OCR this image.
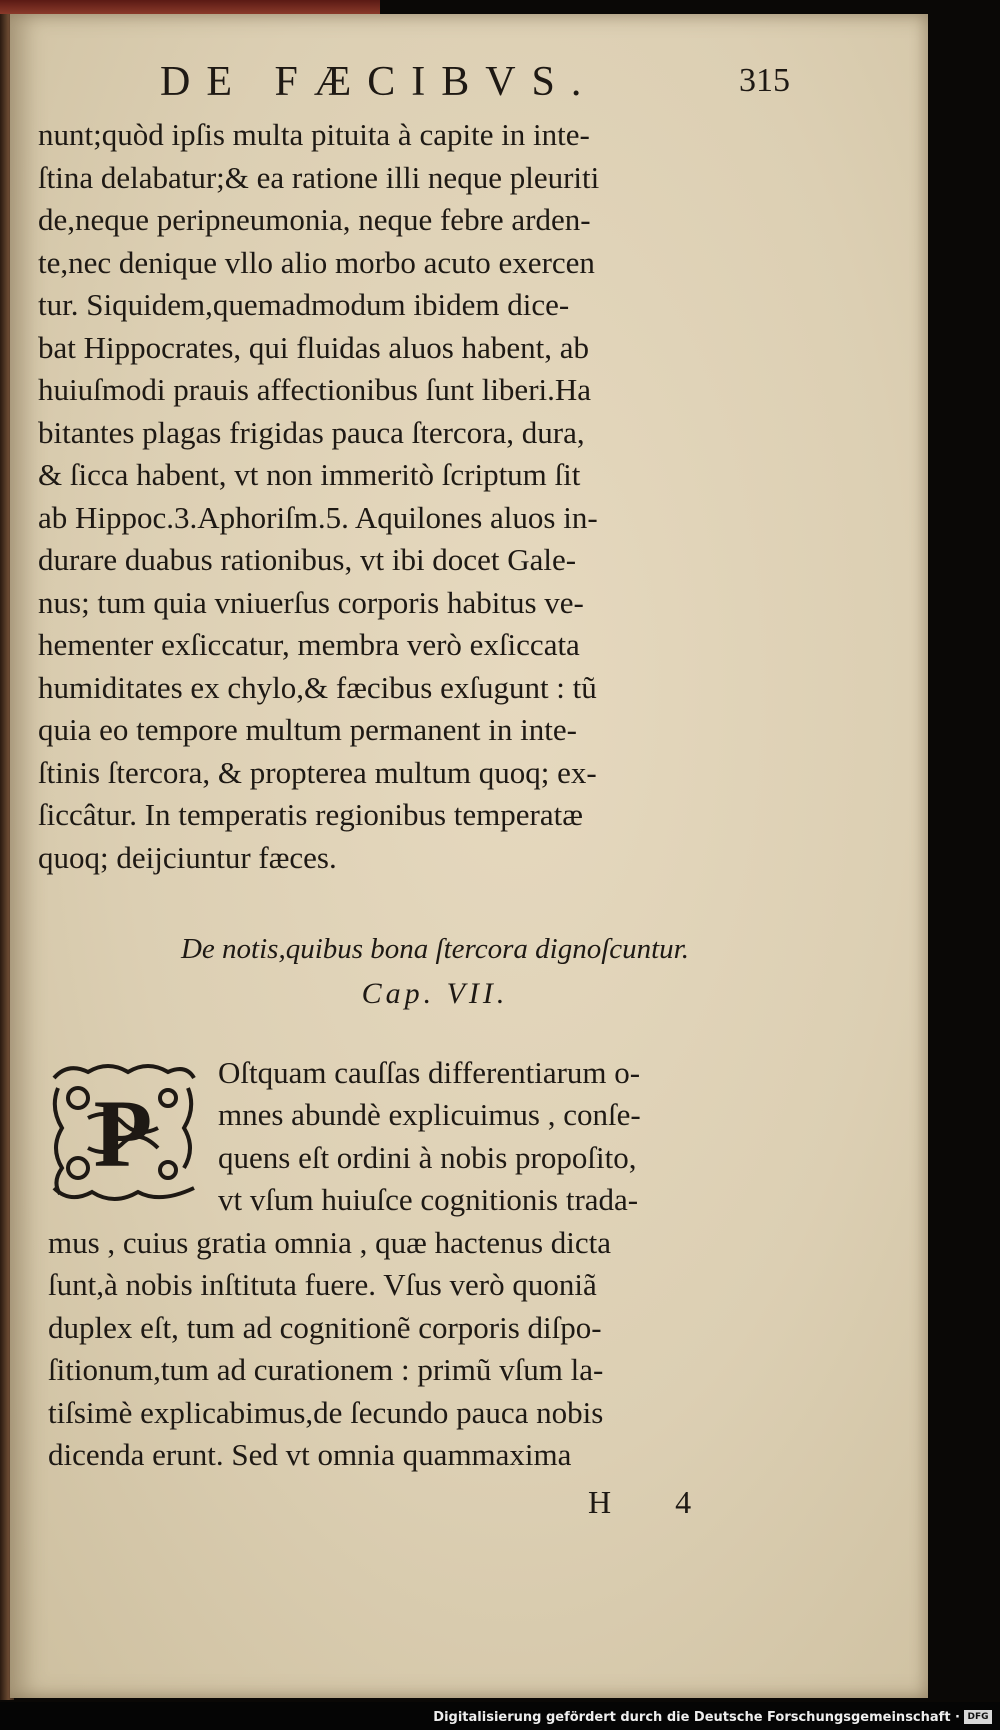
DE FÆCIBVS.	315
nunt;quòd ipſis multa pituita à capite in inte-
ſtina delabatur;& ea ratione illi neque pleuriti
de,neque peripneumonia, neque febre arden-
te,nec denique vllo alio morbo acuto exercen
tur. Siquidem,quemadmodum ibidem dice-
bat Hippocrates, qui fluidas aluos habent, ab
huiuſmodi prauis affectionibus ſunt liberi.Ha
bitantes plagas frigidas pauca ſtercora, dura,
& ſicca habent, vt non immeritò ſcriptum ſit
ab Hippoc.3.Aphoriſm.5. Aquilones aluos in-
durare duabus rationibus, vt ibi docet Gale-
nus; tum quia vniuerſus corporis habitus ve-
hementer exſiccatur, membra verò exſiccata
humiditates ex chylo,& fæcibus exſugunt : tũ
quia eo tempore multum permanent in inte-
ſtinis ſtercora, & propterea multum quoq; ex-
ſiccâtur. In temperatis regionibus temperatæ
quoq; deijciuntur fæces.
De notis,quibus bona ſtercora dignoſcuntur.
Cap. VII.
P
Oſtquam cauſſas differentiarum o-
mnes abundè explicuimus , conſe-
quens eſt ordini à nobis propoſito,
vt vſum huiuſce cognitionis trada-
mus , cuius gratia omnia , quæ hactenus dicta
ſunt,à nobis inſtituta fuere. Vſus verò quoniã
duplex eſt, tum ad cognitionẽ corporis diſpo-
ſitionum,tum ad curationem : primũ vſum la-
tiſsimè explicabimus,de ſecundo pauca nobis
dicenda erunt. Sed vt omnia quammaxima
H 4
Digitalisierung gefördert durch die Deutsche Forschungsgemeinschaft · DFG
